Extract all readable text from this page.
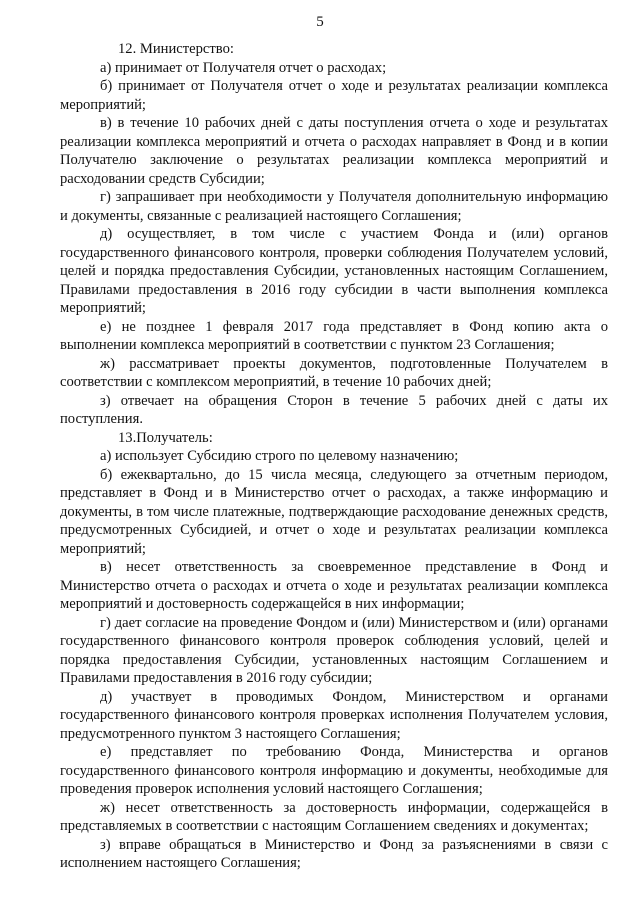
5

12. Министерство:

а) принимает от Получателя отчет о расходах;

б) принимает от Получателя отчет о ходе и результатах реализации комплекса мероприятий;

в) в течение 10 рабочих дней с даты поступления отчета о ходе и результатах реализации комплекса мероприятий и отчета о расходах направляет в Фонд и в копии Получателю заключение о результатах реализации комплекса мероприятий и расходовании средств Субсидии;

г) запрашивает при необходимости у Получателя дополнительную информацию и документы, связанные с реализацией настоящего Соглашения;

д) осуществляет, в том числе с участием Фонда и (или) органов государственного финансового контроля, проверки соблюдения Получателем условий, целей и порядка предоставления Субсидии, установленных настоящим Соглашением, Правилами предоставления в 2016 году субсидии в части выполнения комплекса мероприятий;

е) не позднее 1 февраля 2017 года представляет в Фонд копию акта о выполнении комплекса мероприятий в соответствии с пунктом 23 Соглашения;

ж) рассматривает проекты документов, подготовленные Получателем в соответствии с комплексом мероприятий, в течение 10 рабочих дней;

з) отвечает на обращения Сторон в течение 5 рабочих дней с даты их поступления.

13.Получатель:

а) использует Субсидию строго по целевому назначению;

б) ежеквартально, до 15 числа месяца, следующего за отчетным периодом, представляет в Фонд и в Министерство отчет о расходах, а также информацию и документы, в том числе платежные, подтверждающие расходование денежных средств, предусмотренных Субсидией, и отчет о ходе и результатах реализации комплекса мероприятий;

в) несет ответственность за своевременное представление в Фонд и Министерство отчета о расходах и отчета о ходе и результатах реализации комплекса мероприятий и достоверность содержащейся в них информации;

г) дает согласие на проведение Фондом и (или) Министерством и (или) органами государственного финансового контроля проверок соблюдения условий, целей и порядка предоставления Субсидии, установленных настоящим Соглашением и Правилами предоставления в 2016 году субсидии;

д) участвует в проводимых Фондом, Министерством и органами государственного финансового контроля проверках исполнения Получателем условия, предусмотренного пунктом 3 настоящего Соглашения;

е) представляет по требованию Фонда, Министерства и органов государственного финансового контроля информацию и документы, необходимые для проведения проверок исполнения условий настоящего Соглашения;

ж) несет ответственность за достоверность информации, содержащейся в представляемых в соответствии с настоящим Соглашением сведениях и документах;

з) вправе обращаться в Министерство и Фонд за разъяснениями в связи с исполнением настоящего Соглашения;
